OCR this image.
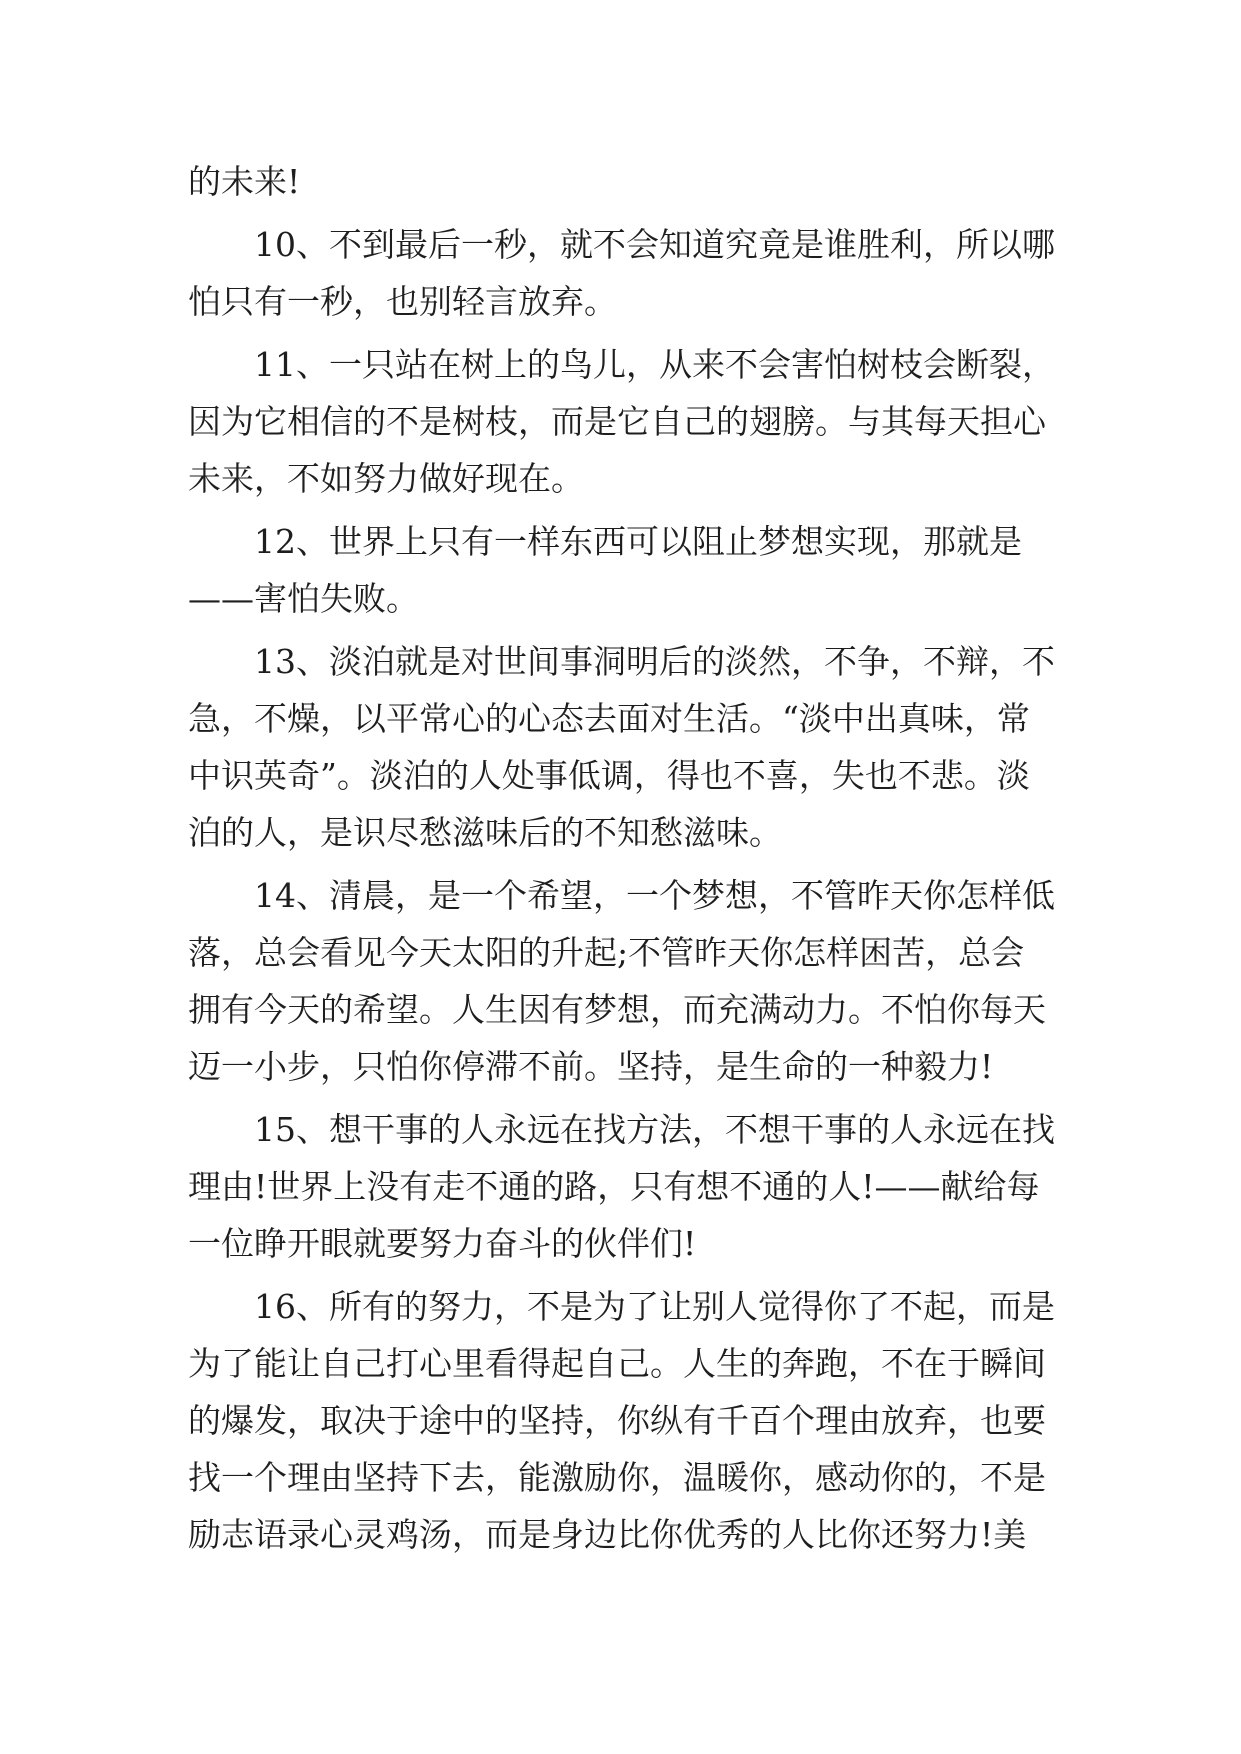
的未来!
10、不到最后一秒，就不会知道究竟是谁胜利，所以哪
怕只有一秒，也别轻言放弃。
11、一只站在树上的鸟儿，从来不会害怕树枝会断裂，
因为它相信的不是树枝，而是它自己的翅膀。与其每天担心
未来，不如努力做好现在。
12、世界上只有一样东西可以阻止梦想实现，那就是
——害怕失败。
13、淡泊就是对世间事洞明后的淡然，不争，不辩，不
急，不燥，以平常心的心态去面对生活。“淡中出真味，常
中识英奇”。淡泊的人处事低调，得也不喜，失也不悲。淡
泊的人，是识尽愁滋味后的不知愁滋味。
14、清晨，是一个希望，一个梦想，不管昨天你怎样低
落，总会看见今天太阳的升起;不管昨天你怎样困苦，总会
拥有今天的希望。人生因有梦想，而充满动力。不怕你每天
迈一小步，只怕你停滞不前。坚持，是生命的一种毅力!
15、想干事的人永远在找方法，不想干事的人永远在找
理由!世界上没有走不通的路，只有想不通的人!——献给每
一位睁开眼就要努力奋斗的伙伴们!
16、所有的努力，不是为了让别人觉得你了不起，而是
为了能让自己打心里看得起自己。人生的奔跑，不在于瞬间
的爆发，取决于途中的坚持，你纵有千百个理由放弃，也要
找一个理由坚持下去，能激励你，温暖你，感动你的，不是
励志语录心灵鸡汤，而是身边比你优秀的人比你还努力!美
